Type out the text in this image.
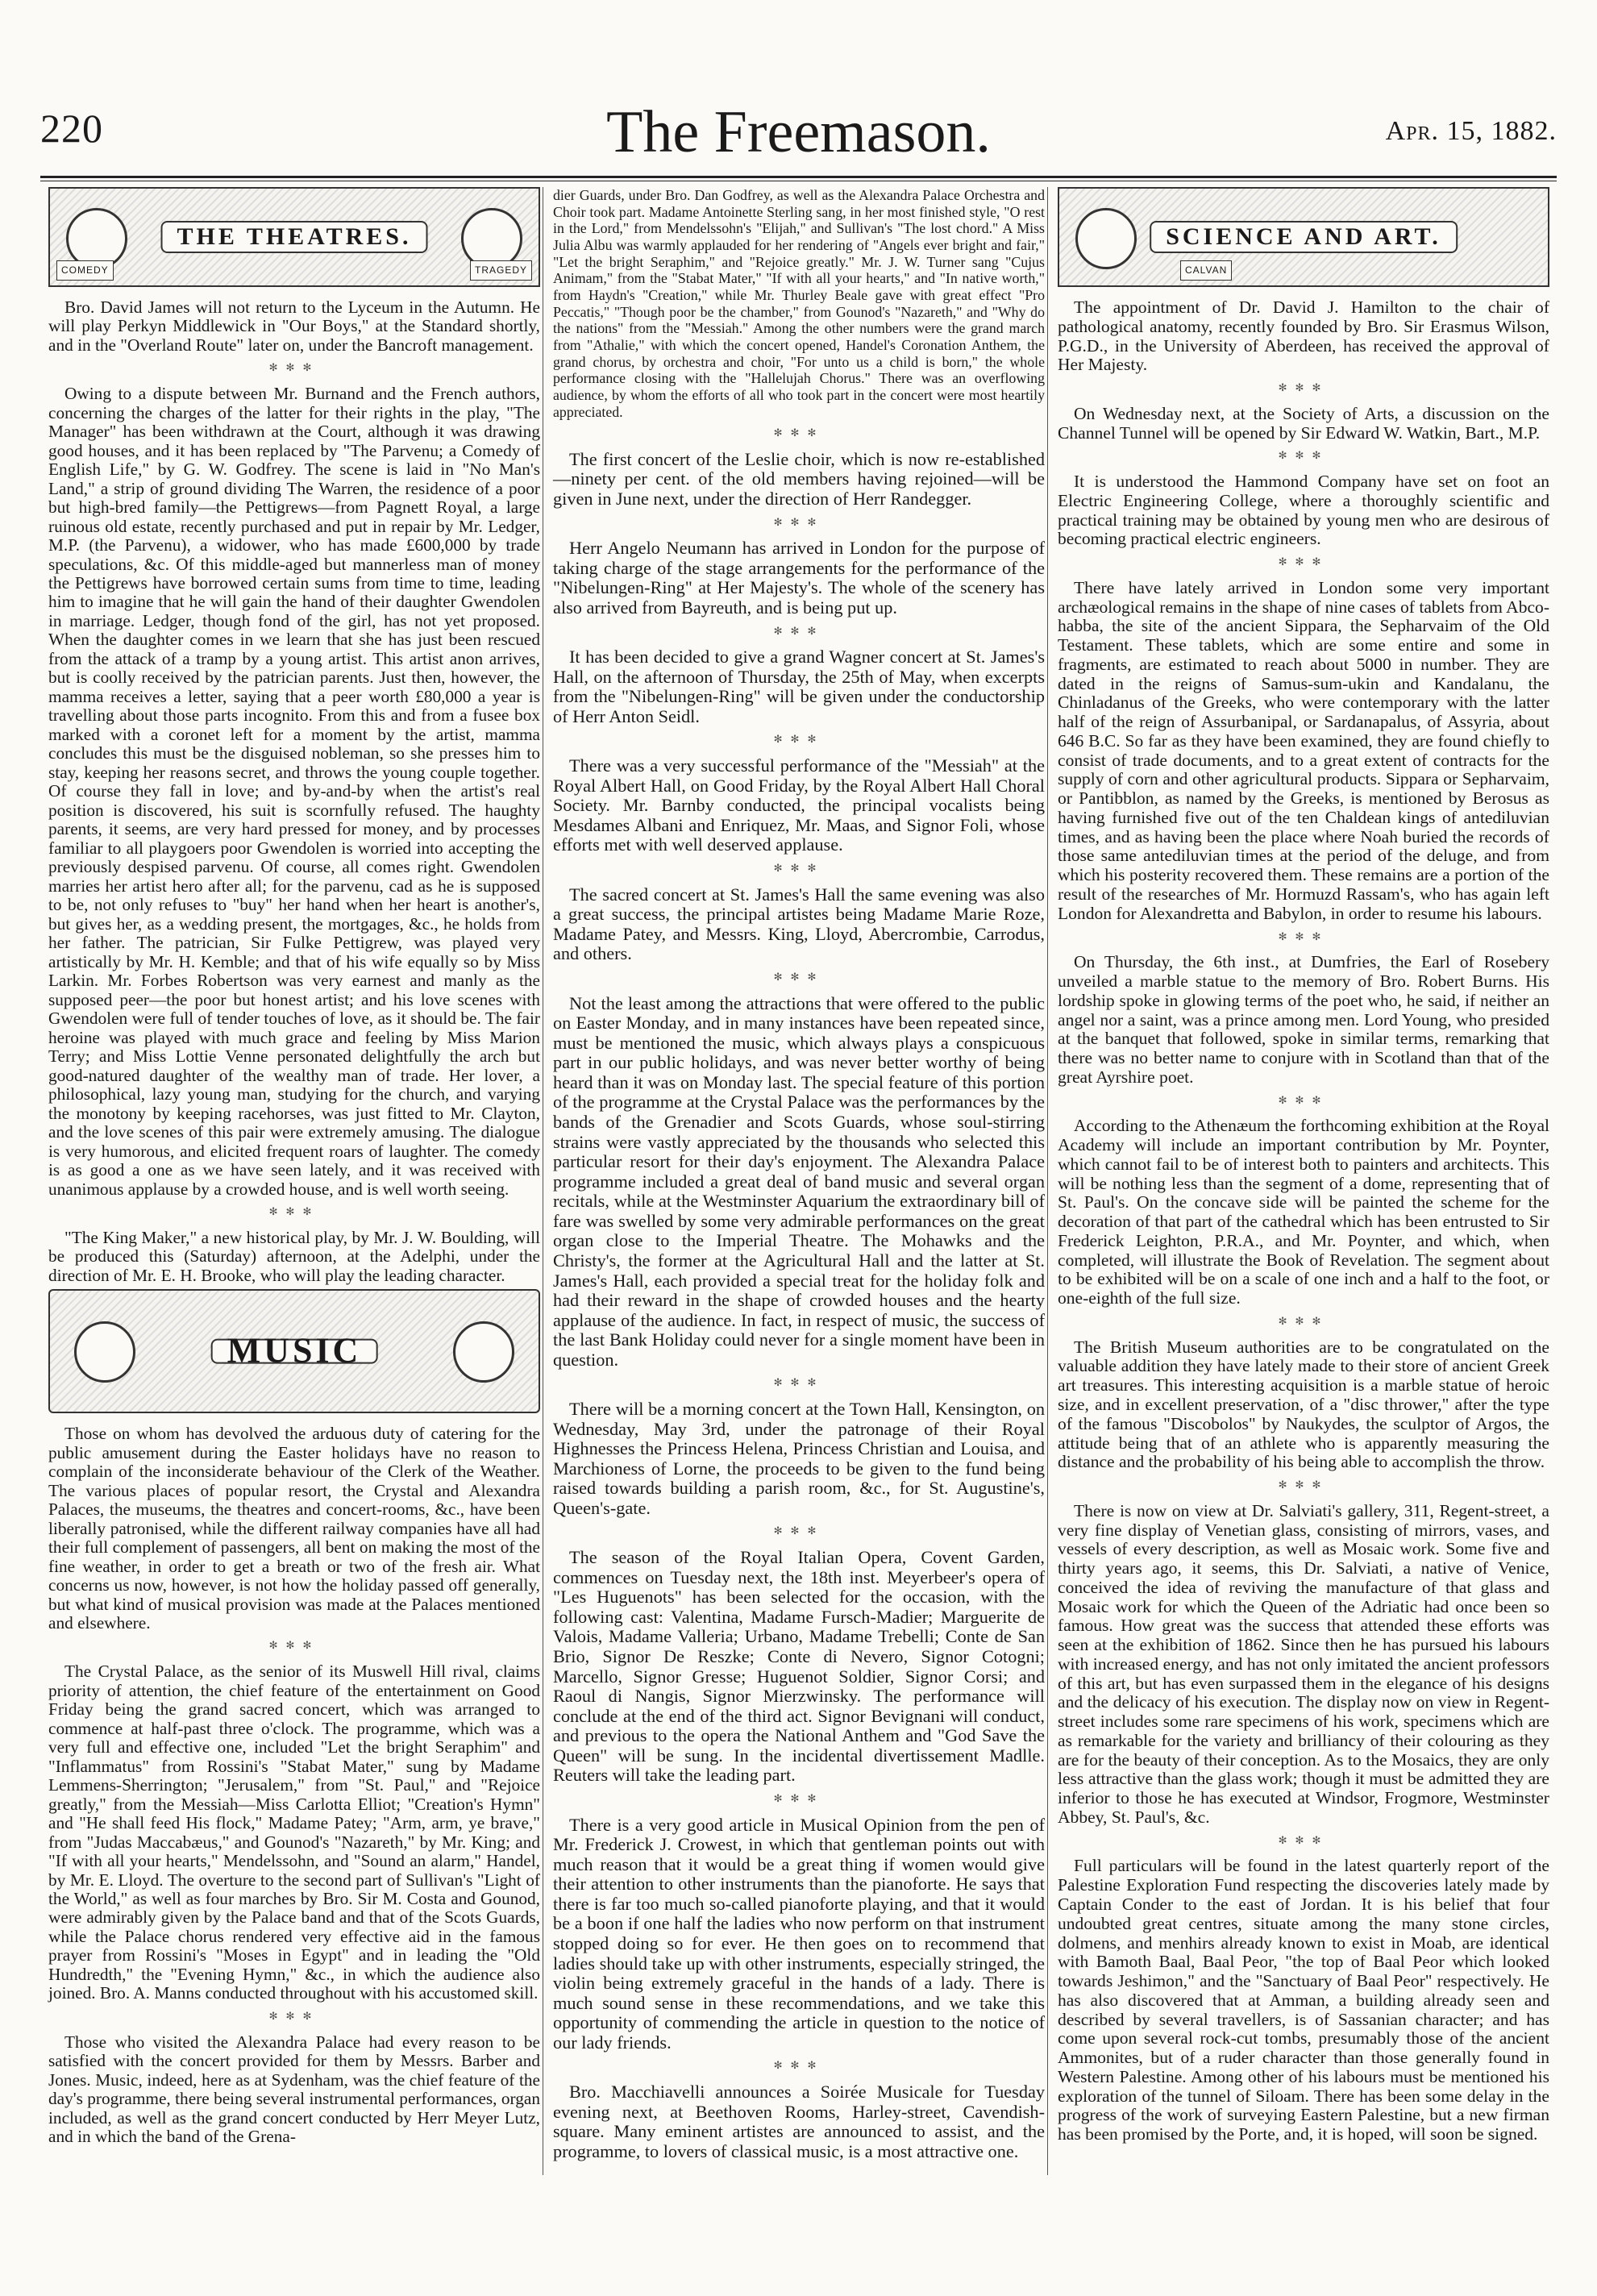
220	The Freemason.	Apr. 15, 1882.
COMEDY	TRAGEDY
THE THEATRES.

Bro. David James will not return to the Lyceum in the Autumn. He will play Perkyn Middlewick in "Our Boys," at the Standard shortly, and in the "Overland Route" later on, under the Bancroft management.

✻✻✻

Owing to a dispute between Mr. Burnand and the French authors, concerning the charges of the latter for their rights in the play, "The Manager" has been withdrawn at the Court, although it was drawing good houses, and it has been replaced by "The Parvenu; a Comedy of English Life," by G. W. Godfrey. The scene is laid in "No Man's Land," a strip of ground dividing The Warren, the residence of a poor but high-bred family—the Pettigrews—from Pagnett Royal, a large ruinous old estate, recently purchased and put in repair by Mr. Ledger, M.P. (the Parvenu), a widower, who has made £600,000 by trade speculations, &c. Of this middle-aged but mannerless man of money the Pettigrews have borrowed certain sums from time to time, leading him to imagine that he will gain the hand of their daughter Gwendolen in marriage. Ledger, though fond of the girl, has not yet proposed. When the daughter comes in we learn that she has just been rescued from the attack of a tramp by a young artist. This artist anon arrives, but is coolly received by the patrician parents. Just then, however, the mamma receives a letter, saying that a peer worth £80,000 a year is travelling about those parts incognito. From this and from a fusee box marked with a coronet left for a moment by the artist, mamma concludes this must be the disguised nobleman, so she presses him to stay, keeping her reasons secret, and throws the young couple together. Of course they fall in love; and by-and-by when the artist's real position is discovered, his suit is scornfully refused. The haughty parents, it seems, are very hard pressed for money, and by processes familiar to all playgoers poor Gwendolen is worried into accepting the previously despised parvenu. Of course, all comes right. Gwendolen marries her artist hero after all; for the parvenu, cad as he is supposed to be, not only refuses to "buy" her hand when her heart is another's, but gives her, as a wedding present, the mortgages, &c., he holds from her father. The patrician, Sir Fulke Pettigrew, was played very artistically by Mr. H. Kemble; and that of his wife equally so by Miss Larkin. Mr. Forbes Robertson was very earnest and manly as the supposed peer—the poor but honest artist; and his love scenes with Gwendolen were full of tender touches of love, as it should be. The fair heroine was played with much grace and feeling by Miss Marion Terry; and Miss Lottie Venne personated delightfully the arch but good-natured daughter of the wealthy man of trade. Her lover, a philosophical, lazy young man, studying for the church, and varying the monotony by keeping racehorses, was just fitted to Mr. Clayton, and the love scenes of this pair were extremely amusing. The dialogue is very humorous, and elicited frequent roars of laughter. The comedy is as good a one as we have seen lately, and it was received with unanimous applause by a crowded house, and is well worth seeing.

✻✻✻

"The King Maker," a new historical play, by Mr. J. W. Boulding, will be produced this (Saturday) afternoon, at the Adelphi, under the direction of Mr. E. H. Brooke, who will play the leading character.

MUSIC

Those on whom has devolved the arduous duty of catering for the public amusement during the Easter holidays have no reason to complain of the inconsiderate behaviour of the Clerk of the Weather. The various places of popular resort, the Crystal and Alexandra Palaces, the museums, the theatres and concert-rooms, &c., have been liberally patronised, while the different railway companies have all had their full complement of passengers, all bent on making the most of the fine weather, in order to get a breath or two of the fresh air. What concerns us now, however, is not how the holiday passed off generally, but what kind of musical provision was made at the Palaces mentioned and elsewhere.

✻✻✻

The Crystal Palace, as the senior of its Muswell Hill rival, claims priority of attention, the chief feature of the entertainment on Good Friday being the grand sacred concert, which was arranged to commence at half-past three o'clock. The programme, which was a very full and effective one, included "Let the bright Seraphim" and "Inflammatus" from Rossini's "Stabat Mater," sung by Madame Lemmens-Sherrington; "Jerusalem," from "St. Paul," and "Rejoice greatly," from the Messiah—Miss Carlotta Elliot; "Creation's Hymn" and "He shall feed His flock," Madame Patey; "Arm, arm, ye brave," from "Judas Maccabæus," and Gounod's "Nazareth," by Mr. King; and "If with all your hearts," Mendelssohn, and "Sound an alarm," Handel, by Mr. E. Lloyd. The overture to the second part of Sullivan's "Light of the World," as well as four marches by Bro. Sir M. Costa and Gounod, were admirably given by the Palace band and that of the Scots Guards, while the Palace chorus rendered very effective aid in the famous prayer from Rossini's "Moses in Egypt" and in leading the "Old Hundredth," the "Evening Hymn," &c., in which the audience also joined. Bro. A. Manns conducted throughout with his accustomed skill.

✻✻✻

Those who visited the Alexandra Palace had every reason to be satisfied with the concert provided for them by Messrs. Barber and Jones. Music, indeed, here as at Sydenham, was the chief feature of the day's programme, there being several instrumental performances, organ included, as well as the grand concert conducted by Herr Meyer Lutz, and in which the band of the Grena-

dier Guards, under Bro. Dan Godfrey, as well as the Alexandra Palace Orchestra and Choir took part. Madame Antoinette Sterling sang, in her most finished style, "O rest in the Lord," from Mendelssohn's "Elijah," and Sullivan's "The lost chord." A Miss Julia Albu was warmly applauded for her rendering of "Angels ever bright and fair," "Let the bright Seraphim," and "Rejoice greatly." Mr. J. W. Turner sang "Cujus Animam," from the "Stabat Mater," "If with all your hearts," and "In native worth," from Haydn's "Creation," while Mr. Thurley Beale gave with great effect "Pro Peccatis," "Though poor be the chamber," from Gounod's "Nazareth," and "Why do the nations" from the "Messiah." Among the other numbers were the grand march from "Athalie," with which the concert opened, Handel's Coronation Anthem, the grand chorus, by orchestra and choir, "For unto us a child is born," the whole performance closing with the "Hallelujah Chorus." There was an overflowing audience, by whom the efforts of all who took part in the concert were most heartily appreciated.

✻✻✻

The first concert of the Leslie choir, which is now re-established—ninety per cent. of the old members having rejoined—will be given in June next, under the direction of Herr Randegger.

✻✻✻

Herr Angelo Neumann has arrived in London for the purpose of taking charge of the stage arrangements for the performance of the "Nibelungen-Ring" at Her Majesty's. The whole of the scenery has also arrived from Bayreuth, and is being put up.

✻✻✻

It has been decided to give a grand Wagner concert at St. James's Hall, on the afternoon of Thursday, the 25th of May, when excerpts from the "Nibelungen-Ring" will be given under the conductorship of Herr Anton Seidl.

✻✻✻

There was a very successful performance of the "Messiah" at the Royal Albert Hall, on Good Friday, by the Royal Albert Hall Choral Society. Mr. Barnby conducted, the principal vocalists being Mesdames Albani and Enriquez, Mr. Maas, and Signor Foli, whose efforts met with well deserved applause.

✻✻✻

The sacred concert at St. James's Hall the same evening was also a great success, the principal artistes being Madame Marie Roze, Madame Patey, and Messrs. King, Lloyd, Abercrombie, Carrodus, and others.

✻✻✻

Not the least among the attractions that were offered to the public on Easter Monday, and in many instances have been repeated since, must be mentioned the music, which always plays a conspicuous part in our public holidays, and was never better worthy of being heard than it was on Monday last. The special feature of this portion of the programme at the Crystal Palace was the performances by the bands of the Grenadier and Scots Guards, whose soul-stirring strains were vastly appreciated by the thousands who selected this particular resort for their day's enjoyment. The Alexandra Palace programme included a great deal of band music and several organ recitals, while at the Westminster Aquarium the extraordinary bill of fare was swelled by some very admirable performances on the great organ close to the Imperial Theatre. The Mohawks and the Christy's, the former at the Agricultural Hall and the latter at St. James's Hall, each provided a special treat for the holiday folk and had their reward in the shape of crowded houses and the hearty applause of the audience. In fact, in respect of music, the success of the last Bank Holiday could never for a single moment have been in question.

✻✻✻

There will be a morning concert at the Town Hall, Kensington, on Wednesday, May 3rd, under the patronage of their Royal Highnesses the Princess Helena, Princess Christian and Louisa, and Marchioness of Lorne, the proceeds to be given to the fund being raised towards building a parish room, &c., for St. Augustine's, Queen's-gate.

✻✻✻

The season of the Royal Italian Opera, Covent Garden, commences on Tuesday next, the 18th inst. Meyerbeer's opera of "Les Huguenots" has been selected for the occasion, with the following cast: Valentina, Madame Fursch-Madier; Marguerite de Valois, Madame Valleria; Urbano, Madame Trebelli; Conte de San Brio, Signor De Reszke; Conte di Nevero, Signor Cotogni; Marcello, Signor Gresse; Huguenot Soldier, Signor Corsi; and Raoul di Nangis, Signor Mierzwinsky. The performance will conclude at the end of the third act. Signor Bevignani will conduct, and previous to the opera the National Anthem and "God Save the Queen" will be sung. In the incidental divertissement Madlle. Reuters will take the leading part.

✻✻✻

There is a very good article in Musical Opinion from the pen of Mr. Frederick J. Crowest, in which that gentleman points out with much reason that it would be a great thing if women would give their attention to other instruments than the pianoforte. He says that there is far too much so-called pianoforte playing, and that it would be a boon if one half the ladies who now perform on that instrument stopped doing so for ever. He then goes on to recommend that ladies should take up with other instruments, especially stringed, the violin being extremely graceful in the hands of a lady. There is much sound sense in these recommendations, and we take this opportunity of commending the article in question to the notice of our lady friends.

✻✻✻

Bro. Macchiavelli announces a Soirée Musicale for Tuesday evening next, at Beethoven Rooms, Harley-street, Cavendish-square. Many eminent artistes are announced to assist, and the programme, to lovers of classical music, is a most attractive one.

CALVAN
SCIENCE AND ART.

The appointment of Dr. David J. Hamilton to the chair of pathological anatomy, recently founded by Bro. Sir Erasmus Wilson, P.G.D., in the University of Aberdeen, has received the approval of Her Majesty.

✻✻✻

On Wednesday next, at the Society of Arts, a discussion on the Channel Tunnel will be opened by Sir Edward W. Watkin, Bart., M.P.

✻✻✻

It is understood the Hammond Company have set on foot an Electric Engineering College, where a thoroughly scientific and practical training may be obtained by young men who are desirous of becoming practical electric engineers.

✻✻✻

There have lately arrived in London some very important archæological remains in the shape of nine cases of tablets from Abco-habba, the site of the ancient Sippara, the Sepharvaim of the Old Testament. These tablets, which are some entire and some in fragments, are estimated to reach about 5000 in number. They are dated in the reigns of Samus-sum-ukin and Kandalanu, the Chinladanus of the Greeks, who were contemporary with the latter half of the reign of Assurbanipal, or Sardanapalus, of Assyria, about 646 B.C. So far as they have been examined, they are found chiefly to consist of trade documents, and to a great extent of contracts for the supply of corn and other agricultural products. Sippara or Sepharvaim, or Pantibblon, as named by the Greeks, is mentioned by Berosus as having furnished five out of the ten Chaldean kings of antediluvian times, and as having been the place where Noah buried the records of those same antediluvian times at the period of the deluge, and from which his posterity recovered them. These remains are a portion of the result of the researches of Mr. Hormuzd Rassam's, who has again left London for Alexandretta and Babylon, in order to resume his labours.

✻✻✻

On Thursday, the 6th inst., at Dumfries, the Earl of Rosebery unveiled a marble statue to the memory of Bro. Robert Burns. His lordship spoke in glowing terms of the poet who, he said, if neither an angel nor a saint, was a prince among men. Lord Young, who presided at the banquet that followed, spoke in similar terms, remarking that there was no better name to conjure with in Scotland than that of the great Ayrshire poet.

✻✻✻

According to the Athenæum the forthcoming exhibition at the Royal Academy will include an important contribution by Mr. Poynter, which cannot fail to be of interest both to painters and architects. This will be nothing less than the segment of a dome, representing that of St. Paul's. On the concave side will be painted the scheme for the decoration of that part of the cathedral which has been entrusted to Sir Frederick Leighton, P.R.A., and Mr. Poynter, and which, when completed, will illustrate the Book of Revelation. The segment about to be exhibited will be on a scale of one inch and a half to the foot, or one-eighth of the full size.

✻✻✻

The British Museum authorities are to be congratulated on the valuable addition they have lately made to their store of ancient Greek art treasures. This interesting acquisition is a marble statue of heroic size, and in excellent preservation, of a "disc thrower," after the type of the famous "Discobolos" by Naukydes, the sculptor of Argos, the attitude being that of an athlete who is apparently measuring the distance and the probability of his being able to accomplish the throw.

✻✻✻

There is now on view at Dr. Salviati's gallery, 311, Regent-street, a very fine display of Venetian glass, consisting of mirrors, vases, and vessels of every description, as well as Mosaic work. Some five and thirty years ago, it seems, this Dr. Salviati, a native of Venice, conceived the idea of reviving the manufacture of that glass and Mosaic work for which the Queen of the Adriatic had once been so famous. How great was the success that attended these efforts was seen at the exhibition of 1862. Since then he has pursued his labours with increased energy, and has not only imitated the ancient professors of this art, but has even surpassed them in the elegance of his designs and the delicacy of his execution. The display now on view in Regent-street includes some rare specimens of his work, specimens which are as remarkable for the variety and brilliancy of their colouring as they are for the beauty of their conception. As to the Mosaics, they are only less attractive than the glass work; though it must be admitted they are inferior to those he has executed at Windsor, Frogmore, Westminster Abbey, St. Paul's, &c.

✻✻✻

Full particulars will be found in the latest quarterly report of the Palestine Exploration Fund respecting the discoveries lately made by Captain Conder to the east of Jordan. It is his belief that four undoubted great centres, situate among the many stone circles, dolmens, and menhirs already known to exist in Moab, are identical with Bamoth Baal, Baal Peor, "the top of Baal Peor which looked towards Jeshimon," and the "Sanctuary of Baal Peor" respectively. He has also discovered that at Amman, a building already seen and described by several travellers, is of Sassanian character; and has come upon several rock-cut tombs, presumably those of the ancient Ammonites, but of a ruder character than those generally found in Western Palestine. Among other of his labours must be mentioned his exploration of the tunnel of Siloam. There has been some delay in the progress of the work of surveying Eastern Palestine, but a new firman has been promised by the Porte, and, it is hoped, will soon be signed.
